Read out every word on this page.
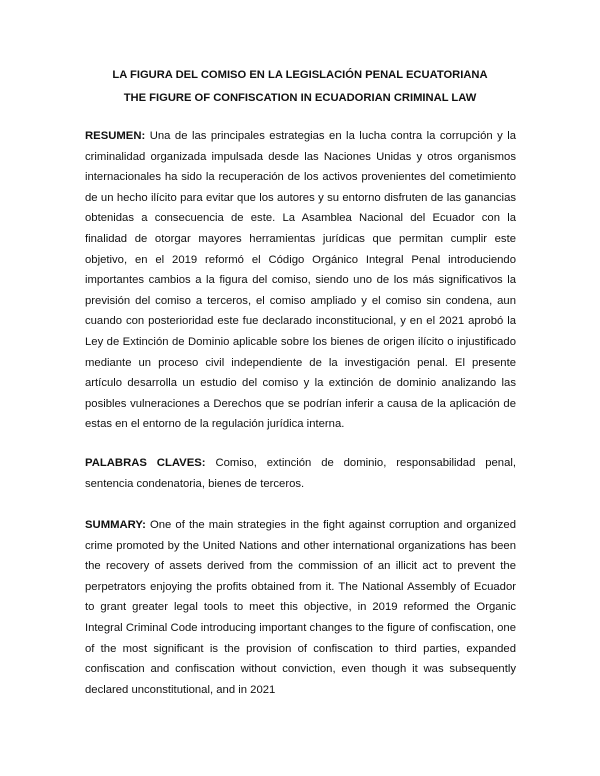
LA FIGURA DEL COMISO EN LA LEGISLACIÓN PENAL ECUATORIANA
THE FIGURE OF CONFISCATION IN ECUADORIAN CRIMINAL LAW

RESUMEN: Una de las principales estrategias en la lucha contra la corrupción y la criminalidad organizada impulsada desde las Naciones Unidas y otros organismos internacionales ha sido la recuperación de los activos provenientes del cometimiento de un hecho ilícito para evitar que los autores y su entorno disfruten de las ganancias obtenidas a consecuencia de este. La Asamblea Nacional del Ecuador con la finalidad de otorgar mayores herramientas jurídicas que permitan cumplir este objetivo, en el 2019 reformó el Código Orgánico Integral Penal introduciendo importantes cambios a la figura del comiso, siendo uno de los más significativos la previsión del comiso a terceros, el comiso ampliado y el comiso sin condena, aun cuando con posterioridad este fue declarado inconstitucional, y en el 2021 aprobó la Ley de Extinción de Dominio aplicable sobre los bienes de origen ilícito o injustificado mediante un proceso civil independiente de la investigación penal. El presente artículo desarrolla un estudio del comiso y la extinción de dominio analizando las posibles vulneraciones a Derechos que se podrían inferir a causa de la aplicación de estas en el entorno de la regulación jurídica interna.

PALABRAS CLAVES: Comiso, extinción de dominio, responsabilidad penal, sentencia condenatoria, bienes de terceros.

SUMMARY: One of the main strategies in the fight against corruption and organized crime promoted by the United Nations and other international organizations has been the recovery of assets derived from the commission of an illicit act to prevent the perpetrators enjoying the profits obtained from it. The National Assembly of Ecuador to grant greater legal tools to meet this objective, in 2019 reformed the Organic Integral Criminal Code introducing important changes to the figure of confiscation, one of the most significant is the provision of confiscation to third parties, expanded confiscation and confiscation without conviction, even though it was subsequently declared unconstitutional, and in 2021
